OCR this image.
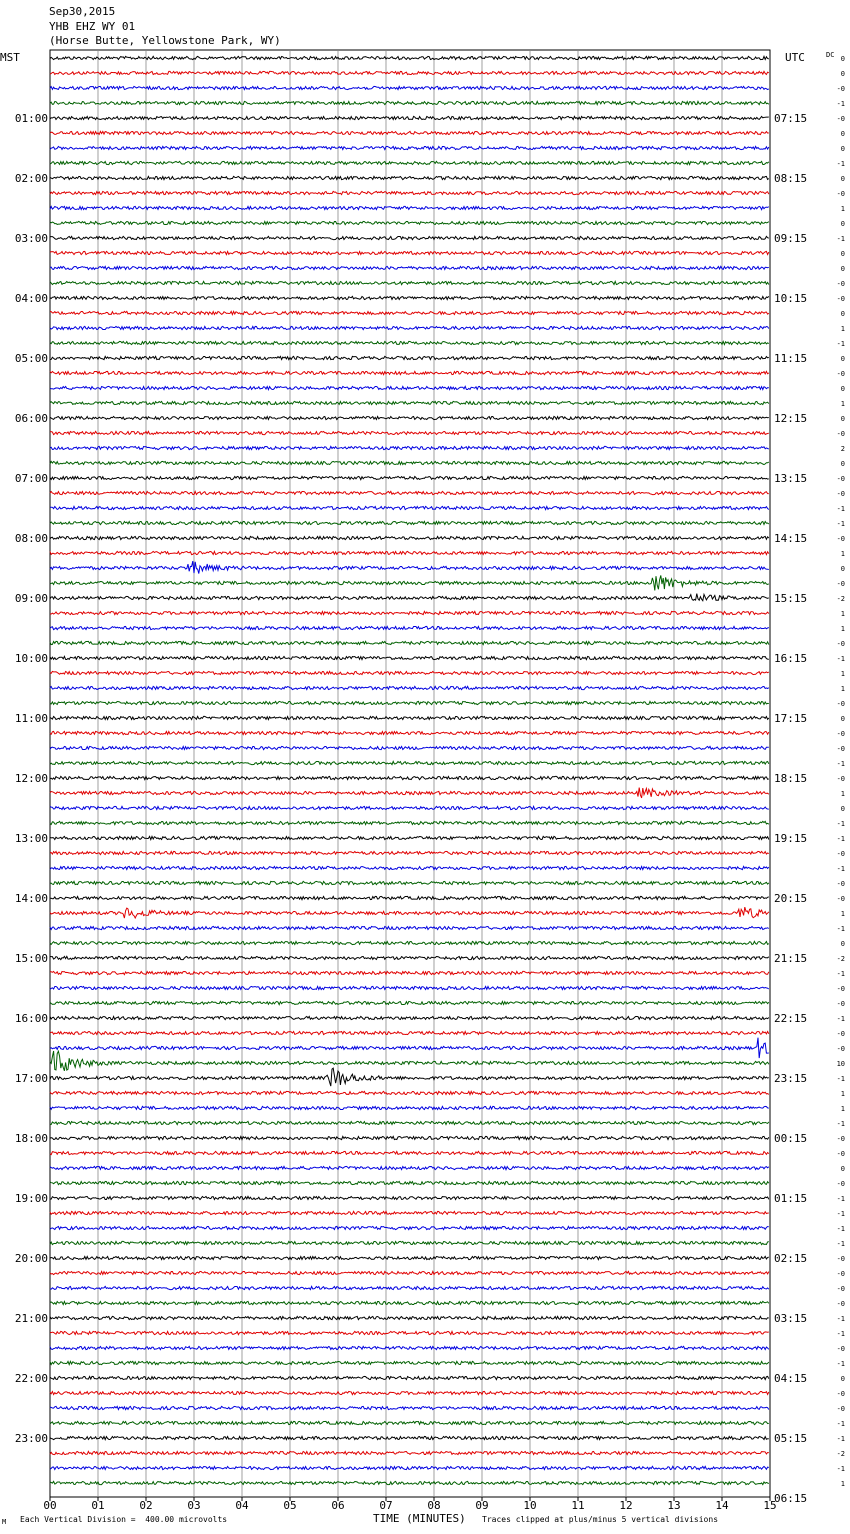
Sep30,2015
YHB EHZ WY 01
(Horse Butte, Yellowstone Park, WY)
MST
01:00
02:00
03:00
04:00
05:00
06:00
07:00
08:00
09:00
10:00
11:00
12:00
13:00
14:00
15:00
16:00
17:00
18:00
19:00
20:00
21:00
22:00
23:00
UTC
07:15
08:15
09:15
10:15
11:15
12:15
13:15
14:15
15:15
16:15
17:15
18:15
19:15
20:15
21:15
22:15
23:15
00:15
01:15
02:15
03:15
04:15
05:15
06:15
DC 0
0
-0
-1
-0
0
0
-1
0
-0
1
0
-1
0
0
-0
-0
0
1
-1
0
-0
0
1
0
-0
2
0
-0
-0
-1
-1
-0
1
0
-0
-2
1
1
-0
-1
1
1
-0
0
-0
-0
-1
-0
1
0
-1
-1
-0
-1
-0
-0
1
-1
0
-2
-1
-0
-0
-1
-0
-0
10
-1
1
1
-1
-0
-0
0
-0
-1
-1
-1
-1
-0
-0
-0
-0
-1
-1
-0
-1
0
-0
-0
-1
-1
-2
-1
1
00	01	02	03	04	05	06	07	08	09	10	11	12	13	14	15
M Each Vertical Division =  400.00 microvolts	TIME (MINUTES) Traces clipped at plus/minus 5 vertical divisions
